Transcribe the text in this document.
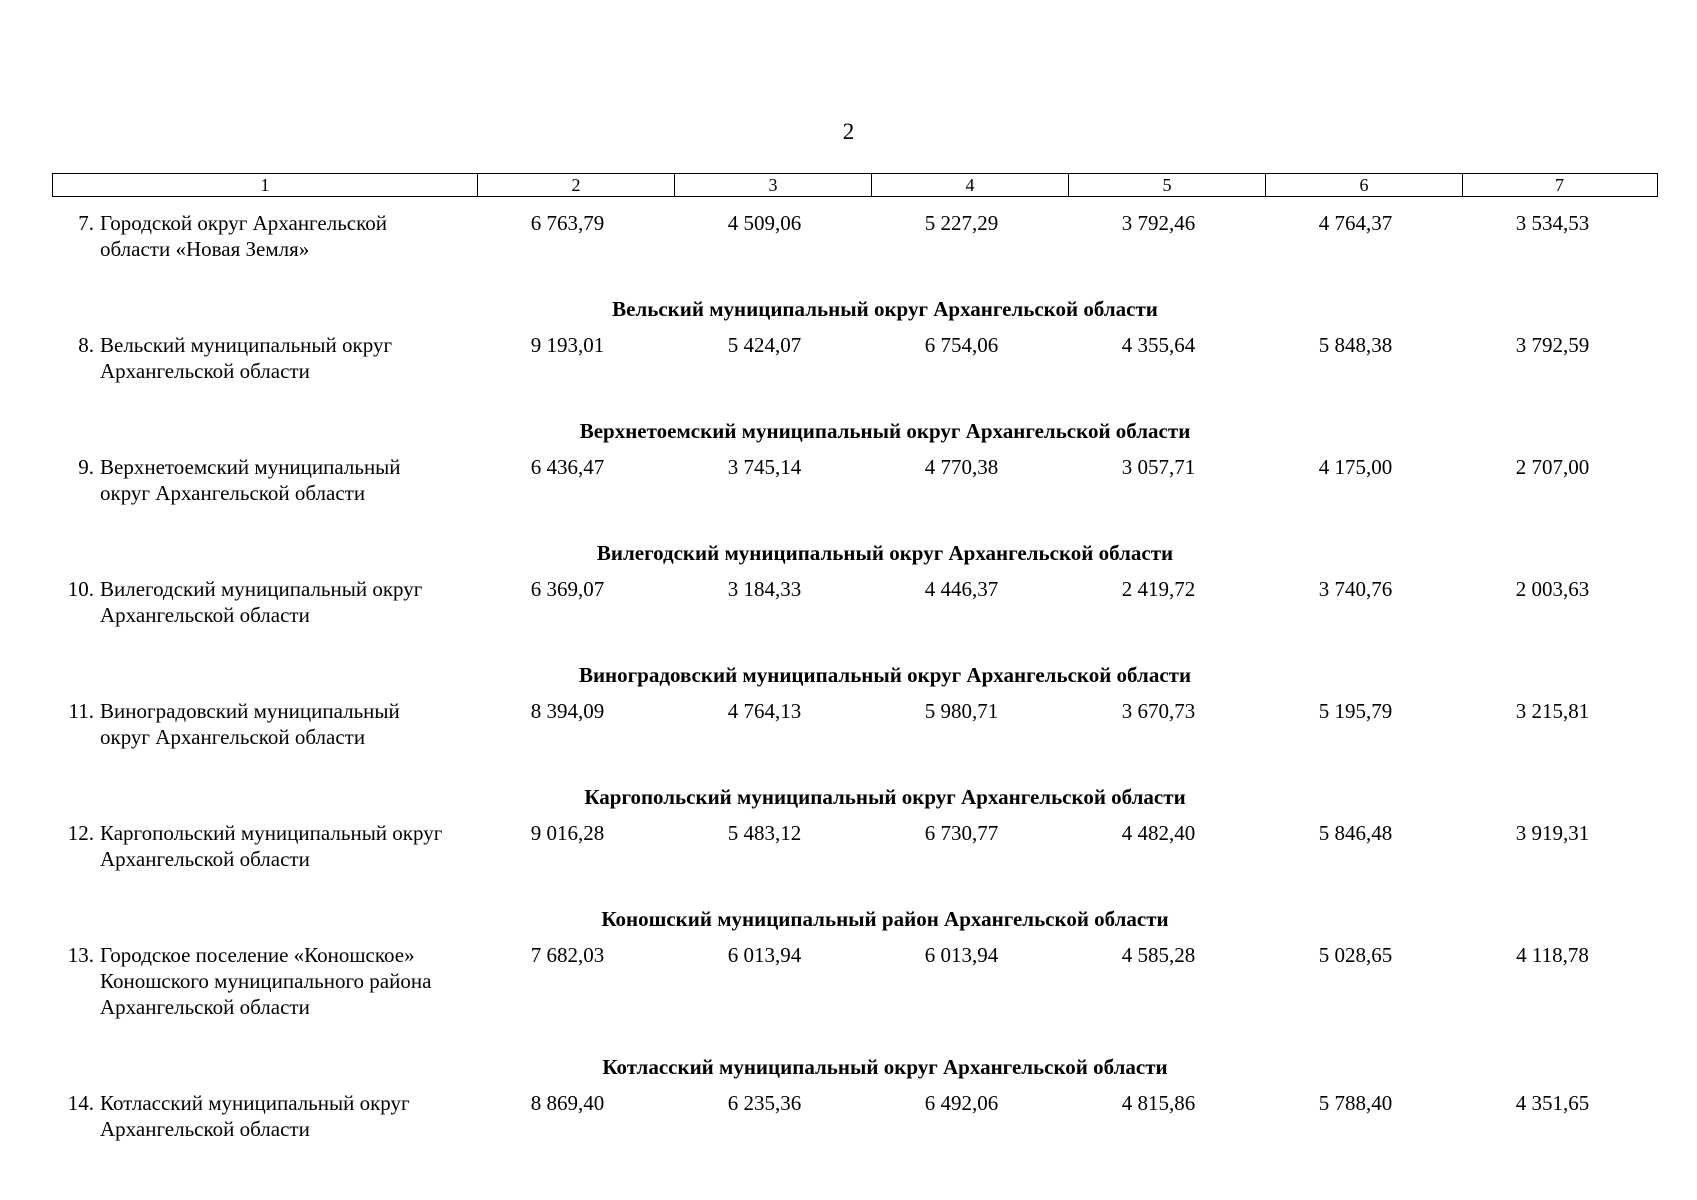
2
1	2	3	4	5	6	7
7. Городской округ Архангельской
области «Новая Земля»
6 763,79	4 509,06	5 227,29	3 792,46	4 764,37	3 534,53
Вельский муниципальный округ Архангельской области
8. Вельский муниципальный округ
Архангельской области
9 193,01	5 424,07	6 754,06	4 355,64	5 848,38	3 792,59
Верхнетоемский муниципальный округ Архангельской области
9. Верхнетоемский муниципальный
округ Архангельской области
6 436,47	3 745,14	4 770,38	3 057,71	4 175,00	2 707,00
Вилегодский муниципальный округ Архангельской области
10. Вилегодский муниципальный округ
Архангельской области
6 369,07	3 184,33	4 446,37	2 419,72	3 740,76	2 003,63
Виноградовский муниципальный округ Архангельской области
11. Виноградовский муниципальный
округ Архангельской области
8 394,09	4 764,13	5 980,71	3 670,73	5 195,79	3 215,81
Каргопольский муниципальный округ Архангельской области
12. Каргопольский муниципальный округ
Архангельской области
9 016,28	5 483,12	6 730,77	4 482,40	5 846,48	3 919,31
Коношский муниципальный район Архангельской области
13. Городское поселение «Коношское»
Коношского муниципального района
Архангельской области
7 682,03	6 013,94	6 013,94	4 585,28	5 028,65	4 118,78
Котласский муниципальный округ Архангельской области
14. Котласский муниципальный округ
Архангельской области
8 869,40	6 235,36	6 492,06	4 815,86	5 788,40	4 351,65
